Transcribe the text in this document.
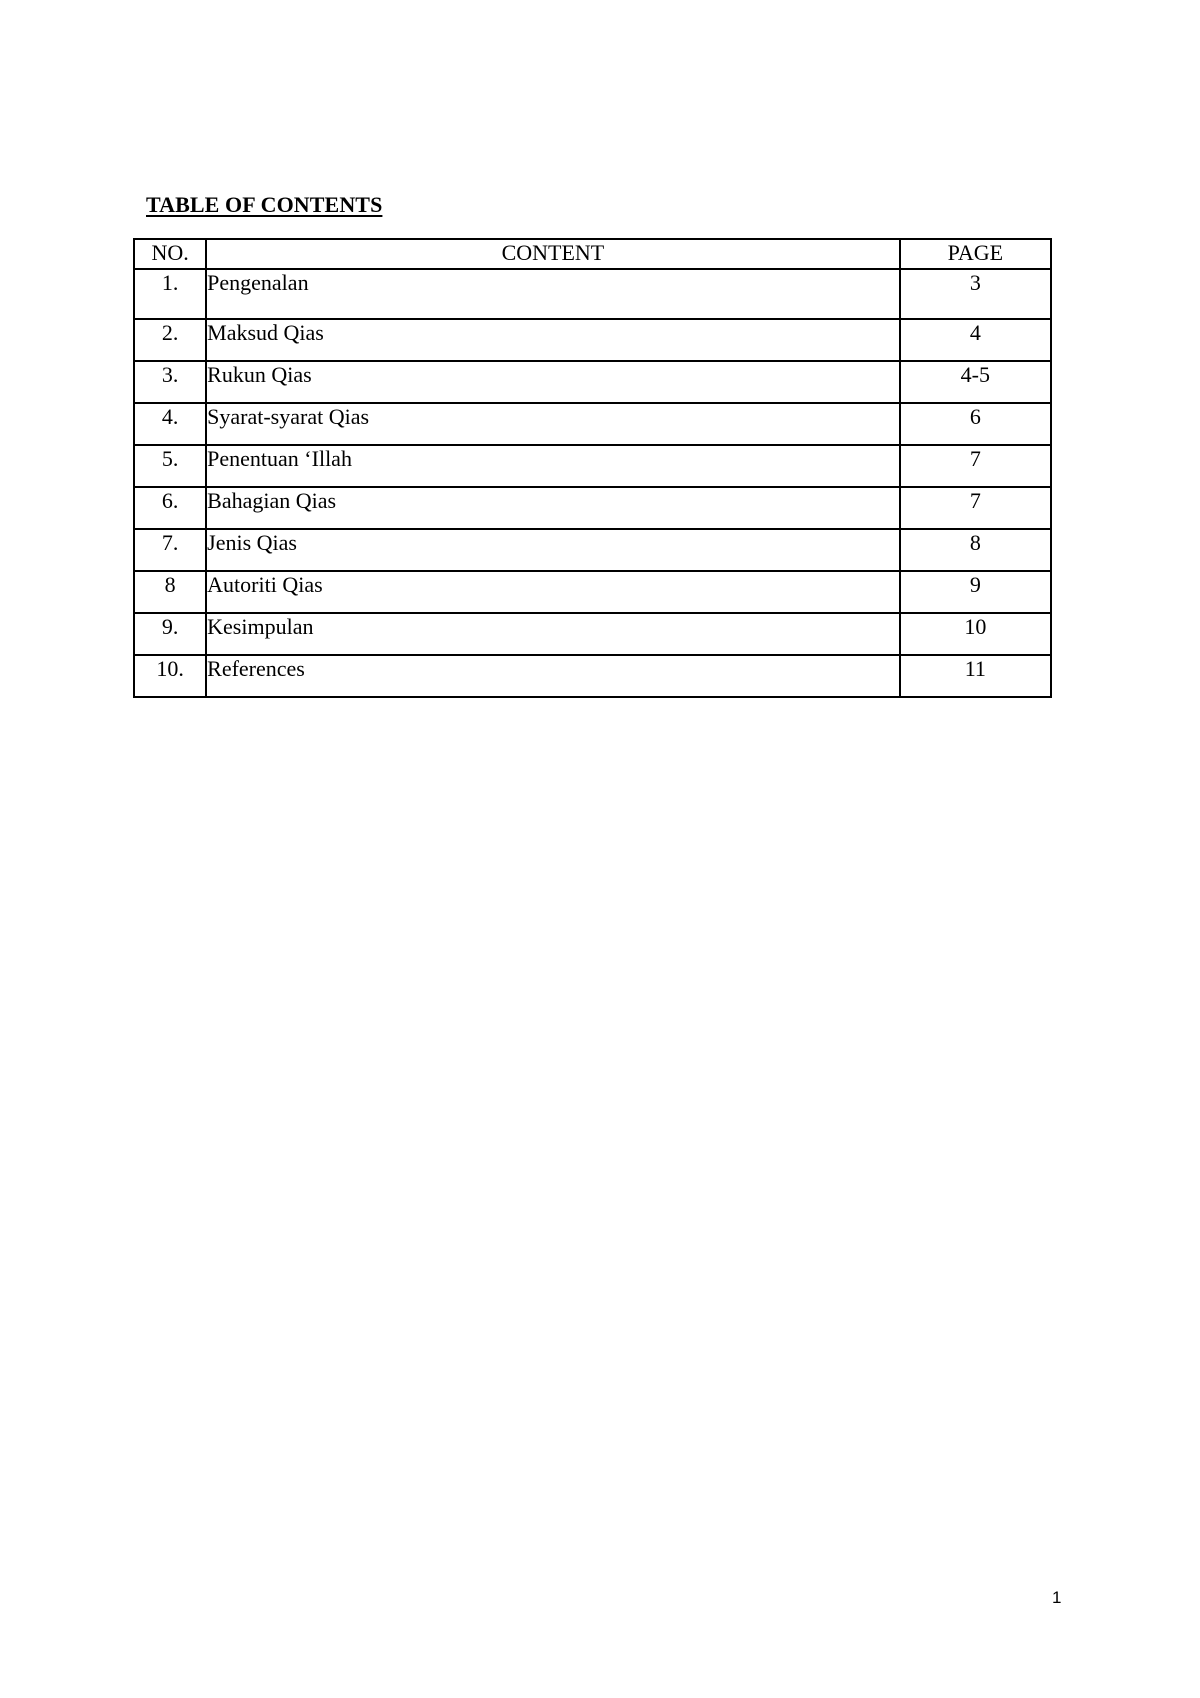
TABLE OF CONTENTS
NO.	CONTENT	PAGE
1.	Pengenalan	3
2.	Maksud Qias	4
3.	Rukun Qias	4-5
4.	Syarat-syarat Qias	6
5.	Penentuan ‘Illah	7
6.	Bahagian Qias	7
7.	Jenis Qias	8
8	Autoriti Qias	9
9.	Kesimpulan	10
10.	References	11
1
